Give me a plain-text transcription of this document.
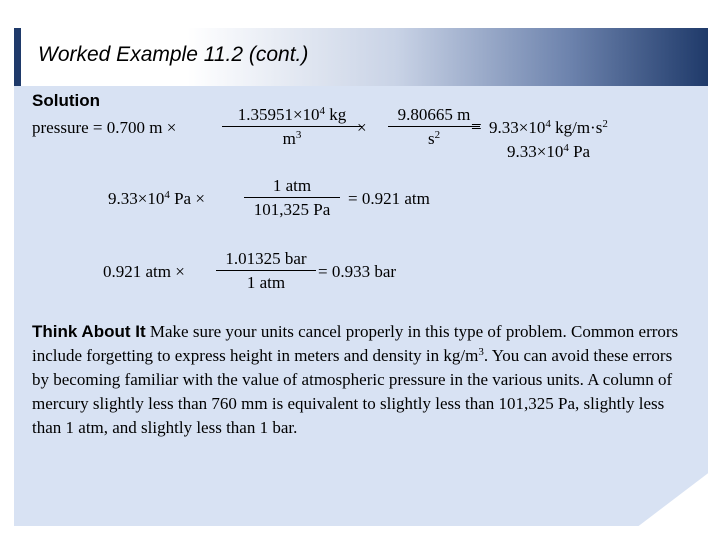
Worked Example 11.2 (cont.)
Solution
pressure = 0.700 m ×
$1.35951\times 10^4$ kg
$m^3$	×
9.80665 m
$s^2$	= $9.33\times 10^4$ $kg/m\cdot s^2$
$9.33\times 10^4$ Pa
$9.33\times 10^4$ Pa ×
1 atm
101,325 Pa
= 0.921 atm
0.921 atm ×
1.01325 bar
1 atm
= 0.933 bar
Think About It Make sure your units cancel properly in this type of problem. Common errors include forgetting to express height in meters and density in $kg/m^3$. You can avoid these errors by becoming familiar with the value of atmospheric pressure in the various units. A column of mercury slightly less than 760 mm is equivalent to slightly less than 101,325 Pa, slightly less than 1 atm, and slightly less than 1 bar.
